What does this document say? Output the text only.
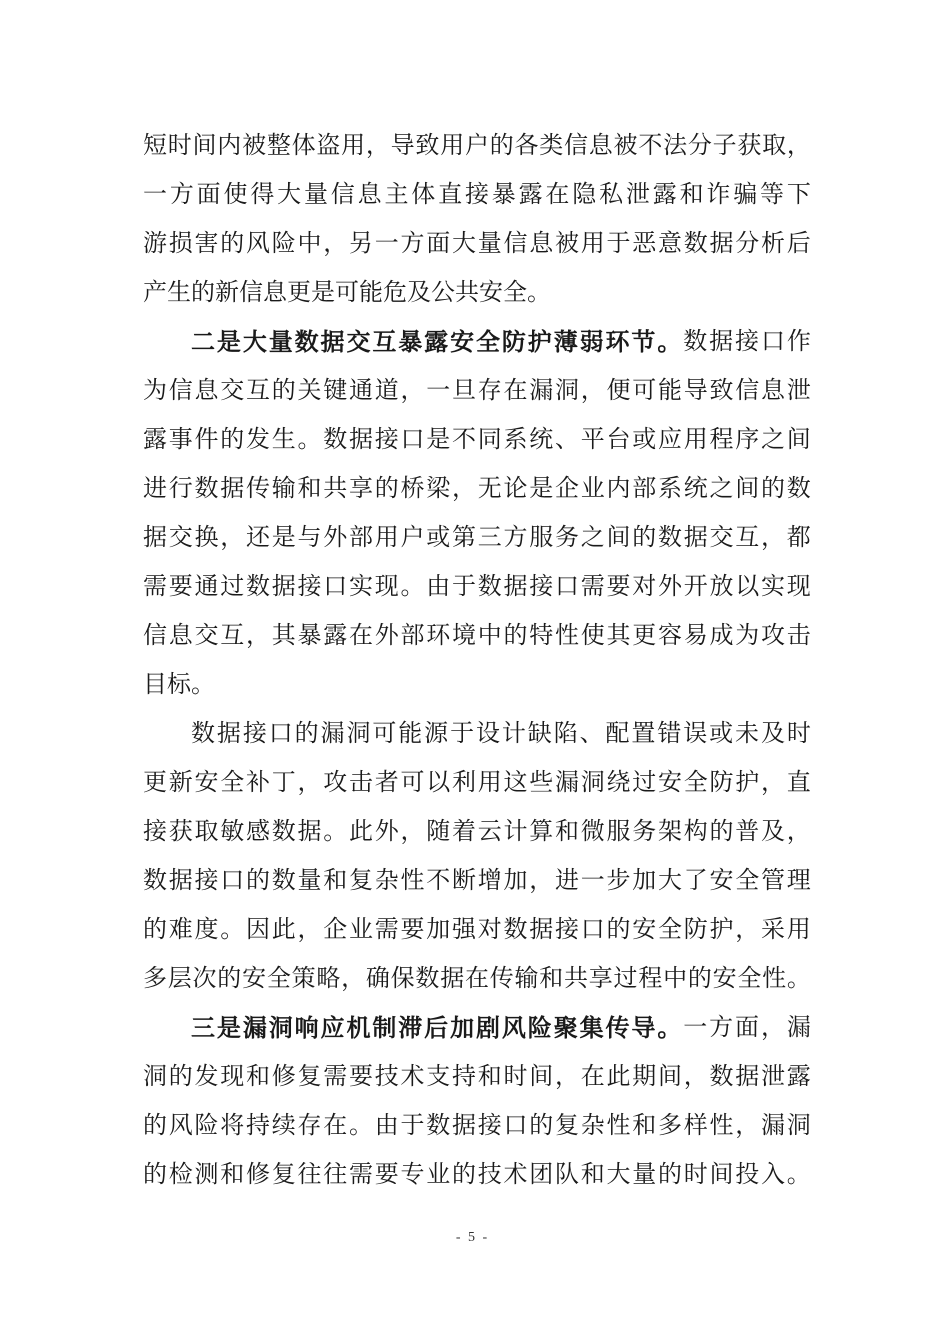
短 时 间 内 被 整 体 盗 用 ， 导 致 用 户 的 各 类 信 息 被 不 法 分 子 获 取 ，
一 方 面 使 得 大 量 信 息 主 体 直 接 暴 露 在 隐 私 泄 露 和 诈 骗 等 下
游 损 害 的 风 险 中 ， 另 一 方 面 大 量 信 息 被 用 于 恶 意 数 据 分 析 后
产 生 的 新 信 息 更 是 可 能 危 及 公 共 安 全 。
二 是 大 量 数 据 交 互 暴 露 安 全 防 护 薄 弱 环 节 。 数 据 接 口 作
为 信 息 交 互 的 关 键 通 道 ， 一 旦 存 在 漏 洞 ， 便 可 能 导 致 信 息 泄
露 事 件 的 发 生 。 数 据 接 口 是 不 同 系 统 、 平 台 或 应 用 程 序 之 间
进 行 数 据 传 输 和 共 享 的 桥 梁 ， 无 论 是 企 业 内 部 系 统 之 间 的 数
据 交 换 ， 还 是 与 外 部 用 户 或 第 三 方 服 务 之 间 的 数 据 交 互 ， 都
需 要 通 过 数 据 接 口 实 现 。 由 于 数 据 接 口 需 要 对 外 开 放 以 实 现
信 息 交 互 ， 其 暴 露 在 外 部 环 境 中 的 特 性 使 其 更 容 易 成 为 攻 击
目 标 。
数 据 接 口 的 漏 洞 可 能 源 于 设 计 缺 陷 、 配 置 错 误 或 未 及 时
更 新 安 全 补 丁 ， 攻 击 者 可 以 利 用 这 些 漏 洞 绕 过 安 全 防 护 ， 直
接 获 取 敏 感 数 据 。 此 外 ， 随 着 云 计 算 和 微 服 务 架 构 的 普 及 ，
数 据 接 口 的 数 量 和 复 杂 性 不 断 增 加 ， 进 一 步 加 大 了 安 全 管 理
的 难 度 。 因 此 ， 企 业 需 要 加 强 对 数 据 接 口 的 安 全 防 护 ， 采 用
多 层 次 的 安 全 策 略 ， 确 保 数 据 在 传 输 和 共 享 过 程 中 的 安 全 性 。
三 是 漏 洞 响 应 机 制 滞 后 加 剧 风 险 聚 集 传 导 。 一 方 面 ， 漏
洞 的 发 现 和 修 复 需 要 技 术 支 持 和 时 间 ， 在 此 期 间 ， 数 据 泄 露
的 风 险 将 持 续 存 在 。 由 于 数 据 接 口 的 复 杂 性 和 多 样 性 ， 漏 洞
的 检 测 和 修 复 往 往 需 要 专 业 的 技 术 团 队 和 大 量 的 时 间 投 入 。
- 5 -
